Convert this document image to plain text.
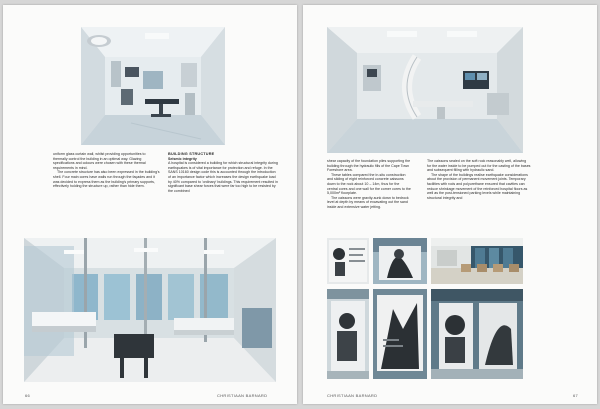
uniform glass curtain wall, whilst providing opportunities to thermally control the building in an optimal way. Glazing specifications and colours were chosen with these thermal requirements in mind.

The concrete structure has also been expressed in the building's shell. Four main cores have walls run through the façades and it was decided to express them as the building's primary supports, effectively holding the structure up, rather than hide them.

BUILDING STRUCTURE
Seismic integrity

A hospital is considered a building for which structural integrity during earthquakes is of vital importance for protection and refuge. In the SANS 10160 design code this is accounted through the introduction of an importance factor which increases the design earthquake load by 40% compared to 'ordinary' buildings. This requirement resulted in significant base shear forces that were far too high to be resisted by the combined

66	CHRISTIAAN BARNARD

shear capacity of the foundation piles supporting the building through the hydraulic fills of the Cape Town Foreshore area.

These tables compared the in-situ construction and sliding of eight reinforced concrete caissons down to the rock about 10 – 14m, thus for the central cores and one wall for the corner cores to the 5,000m² floorplate.

The caissons were gravity-sunk down to bedrock level at depth by means of excavating out the sand inside and extensive water jetting.

The caissons sealed on the soft rock reasonably well, allowing for the water inside to be pumped out for the casting of the bases and subsequent filling with hydraulic sand.

The shape of the buildings realise earthquake considerations about the provision of permanent movement joints. Temporary facilities with rods and polyurethane ensured that cavities can reduce shrinkage movement of the reinforced hospital floors as well as the post-tensioned parking levels while maintaining structural integrity and

CHRISTIAAN BARNARD	67
